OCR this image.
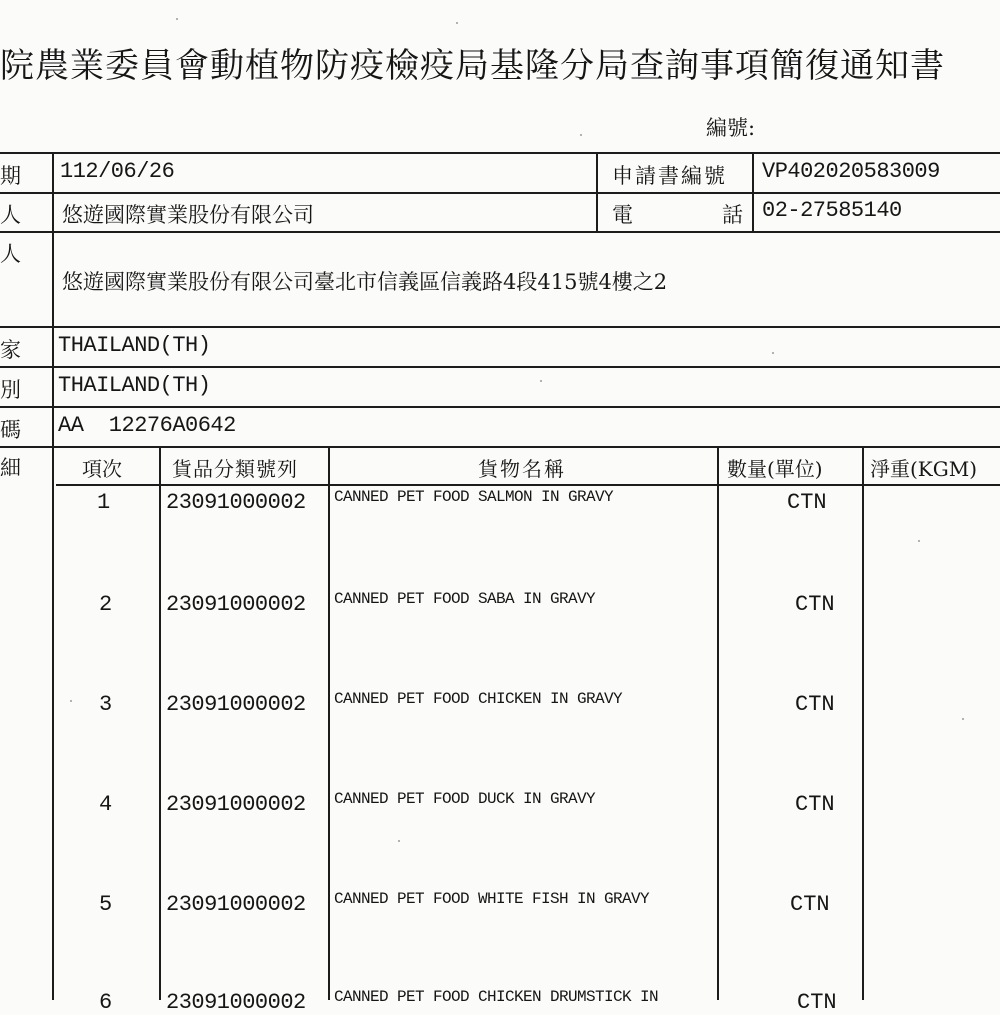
院農業委員會動植物防疫檢疫局基隆分局查詢事項簡復通知書
編號:
期 112/06/26	申請書編號 VP402020583009
人 悠遊國際實業股份有限公司	電	話 02-27585140
人
悠遊國際實業股份有限公司臺北市信義區信義路4段415號4樓之2
家 THAILAND(TH)
別 THAILAND(TH)
碼 AA  12276A0642
細	項次	貨品分類號列	貨物名稱	數量(單位) 淨重(KGM)
1	23091000002 CANNED PET FOOD SALMON IN GRAVY	CTN
2 23091000002 CANNED PET FOOD SABA IN GRAVY	CTN
3 23091000002 CANNED PET FOOD CHICKEN IN GRAVY	CTN
4 23091000002 CANNED PET FOOD DUCK IN GRAVY	CTN
5 23091000002 CANNED PET FOOD WHITE FISH IN GRAVY	CTN
6 23091000002 CANNED PET FOOD CHICKEN DRUMSTICK IN	CTN
